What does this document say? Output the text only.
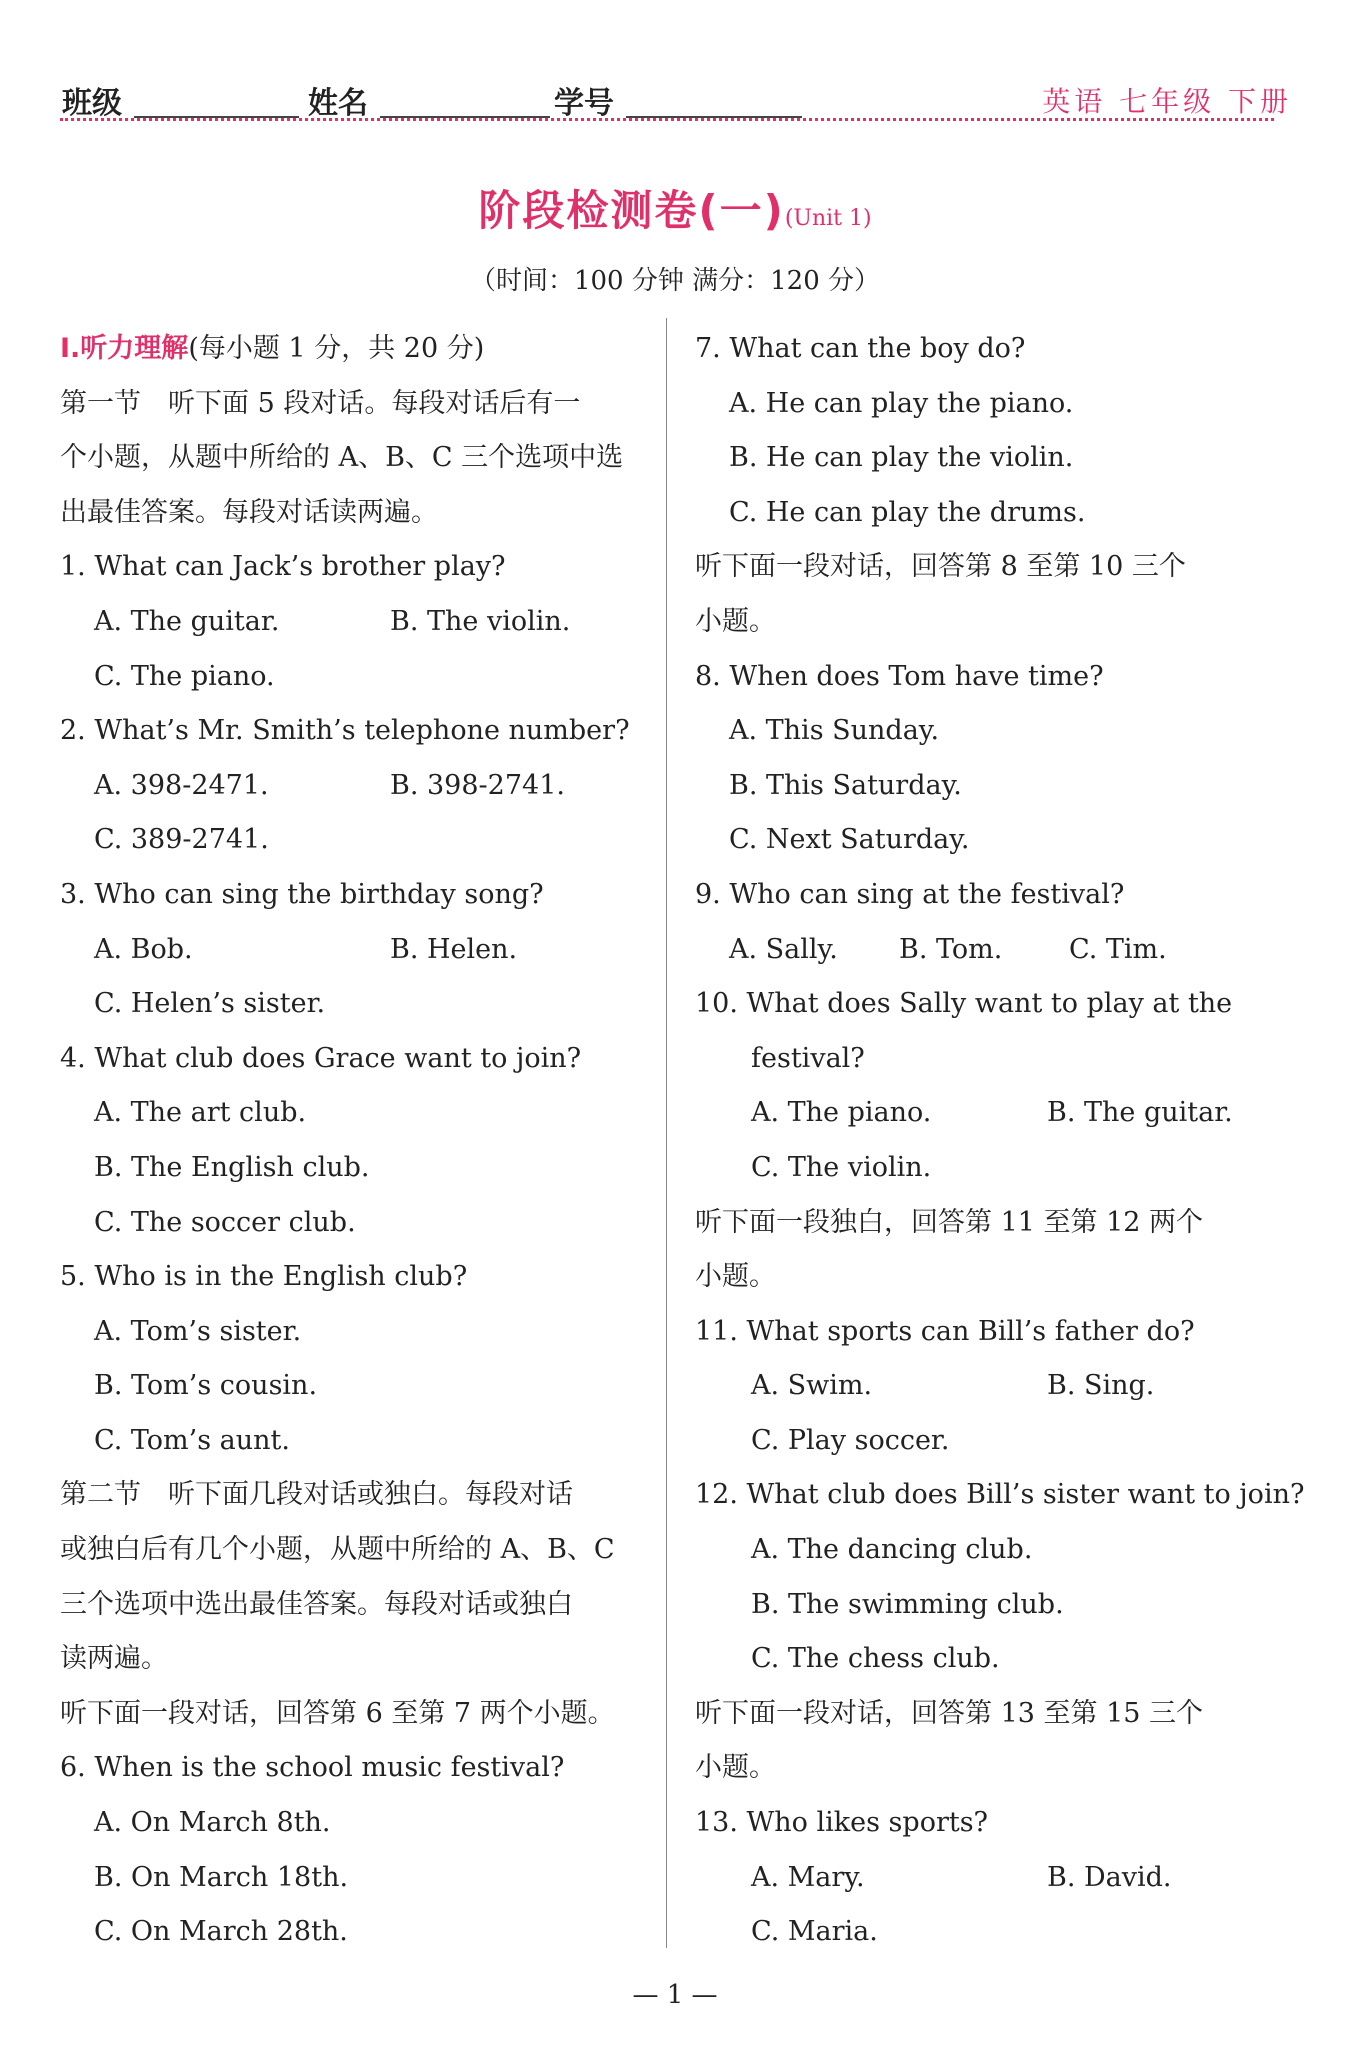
班级	姓名	学号	英语 七年级 下册
阶段检测卷(一)(Unit 1)
（时间：100 分钟 满分：120 分）
Ⅰ.听力理解(每小题 1 分，共 20 分)
第一节　听下面 5 段对话。每段对话后有一
个小题，从题中所给的 A、B、C 三个选项中选
出最佳答案。每段对话读两遍。
1. What can Jack’s brother play?
A. The guitar.	B. The violin.
C. The piano.
2. What’s Mr. Smith’s telephone number?
A. 398-2471.	B. 398-2741.
C. 389-2741.
3. Who can sing the birthday song?
A. Bob.	B. Helen.
C. Helen’s sister.
4. What club does Grace want to join?
A. The art club.
B. The English club.
C. The soccer club.
5. Who is in the English club?
A. Tom’s sister.
B. Tom’s cousin.
C. Tom’s aunt.
第二节　听下面几段对话或独白。每段对话
或独白后有几个小题，从题中所给的 A、B、C
三个选项中选出最佳答案。每段对话或独白
读两遍。
听下面一段对话，回答第 6 至第 7 两个小题。
6. When is the school music festival?
A. On March 8th.
B. On March 18th.
C. On March 28th.
7. What can the boy do?
A. He can play the piano.
B. He can play the violin.
C. He can play the drums.
听下面一段对话，回答第 8 至第 10 三个
小题。
8. When does Tom have time?
A. This Sunday.
B. This Saturday.
C. Next Saturday.
9. Who can sing at the festival?
A. Sally. B. Tom. C. Tim.
10. What does Sally want to play at the festival?
A. The piano.	B. The guitar.
C. The violin.
听下面一段独白，回答第 11 至第 12 两个
小题。
11. What sports can Bill’s father do?
A. Swim.	B. Sing.
C. Play soccer.
12. What club does Bill’s sister want to join?
A. The dancing club.
B. The swimming club.
C. The chess club.
听下面一段对话，回答第 13 至第 15 三个
小题。
13. Who likes sports?
A. Mary.	B. David.
C. Maria.
— 1 —
